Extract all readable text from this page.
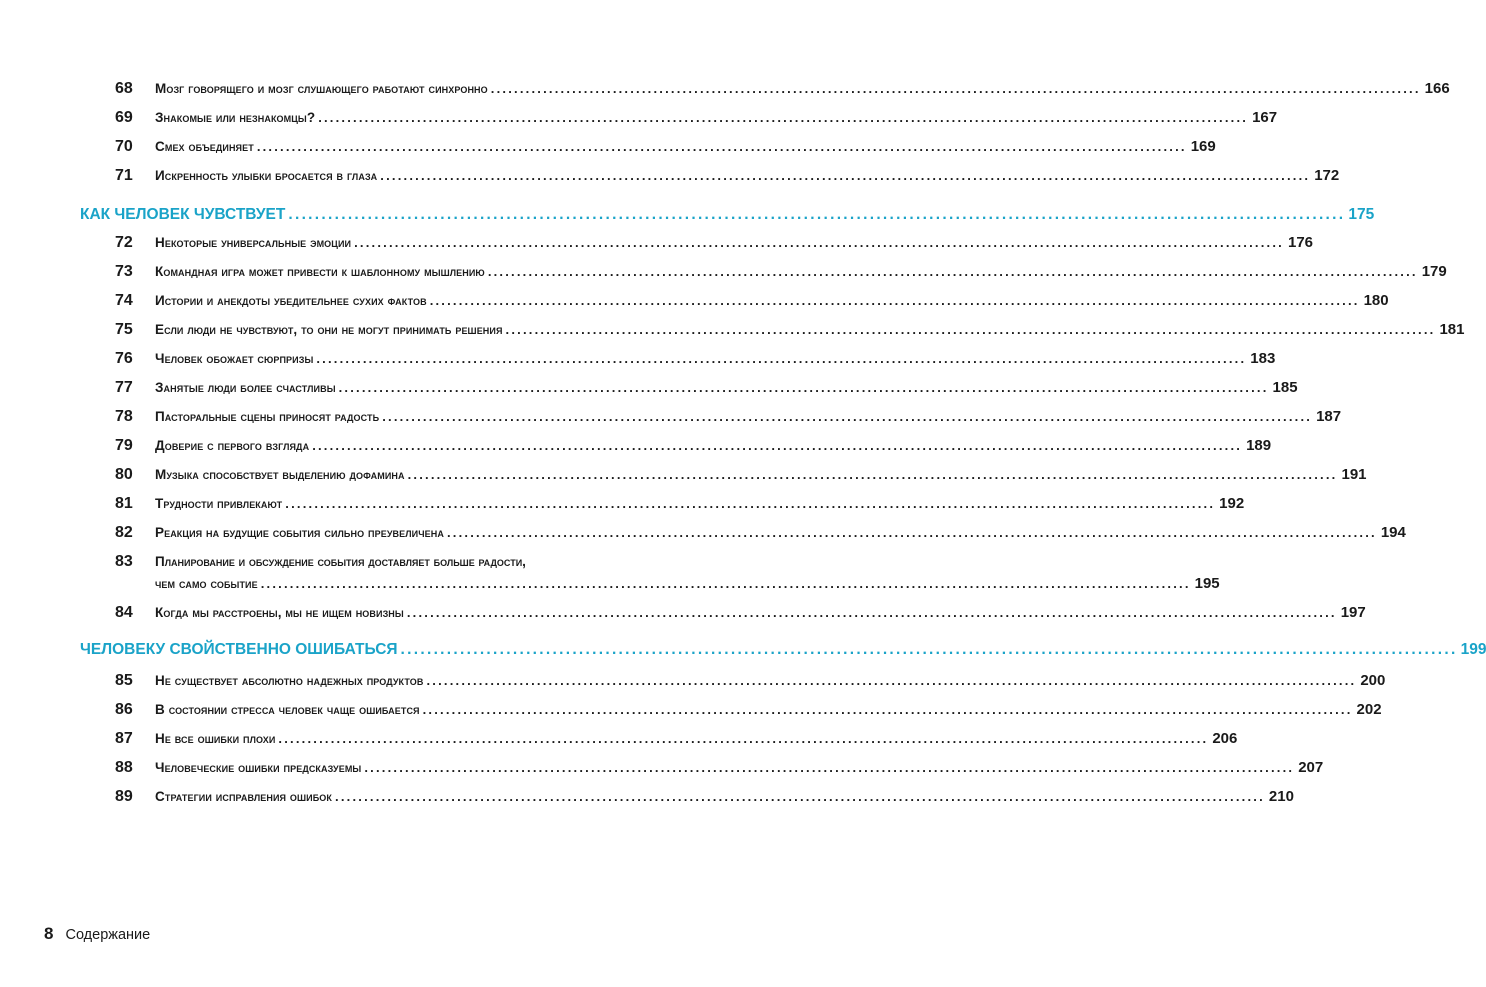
68 Мозг говорящего и мозг слушающего работают синхронно ................................................................................................................................................................ 166
69 Знакомые или незнакомцы? ................................................................................................................................................................ 167
70 Смех объединяет ................................................................................................................................................................ 169
71 Искренность улыбки бросается в глаза ................................................................................................................................................................ 172
КАК ЧЕЛОВЕК ЧУВСТВУЕТ ................................................................................................................................................................ 175
72 Некоторые универсальные эмоции ................................................................................................................................................................ 176
73 Командная игра может привести к шаблонному мышлению ................................................................................................................................................................ 179
74 Истории и анекдоты убедительнее сухих фактов ................................................................................................................................................................ 180
75 Если люди не чувствуют, то они не могут принимать решения ................................................................................................................................................................ 181
76 Человек обожает сюрпризы ................................................................................................................................................................ 183
77 Занятые люди более счастливы ................................................................................................................................................................ 185
78 Пасторальные сцены приносят радость ................................................................................................................................................................ 187
79 Доверие с первого взгляда ................................................................................................................................................................ 189
80 Музыка способствует выделению дофамина ................................................................................................................................................................ 191
81 Трудности привлекают ................................................................................................................................................................ 192
82 Реакция на будущие события сильно преувеличена ................................................................................................................................................................ 194
83 Планирование и обсуждение события доставляет больше радости,
чем само событие ................................................................................................................................................................ 195
84 Когда мы расстроены, мы не ищем новизны ................................................................................................................................................................ 197
ЧЕЛОВЕКУ СВОЙСТВЕННО ОШИБАТЬСЯ ................................................................................................................................................................ 199
85 Не существует абсолютно надежных продуктов ................................................................................................................................................................ 200
86 В состоянии стресса человек чаще ошибается ................................................................................................................................................................ 202
87 Не все ошибки плохи ................................................................................................................................................................ 206
88 Человеческие ошибки предсказуемы ................................................................................................................................................................ 207
89 Стратегии исправления ошибок ................................................................................................................................................................ 210
8 Содержание
